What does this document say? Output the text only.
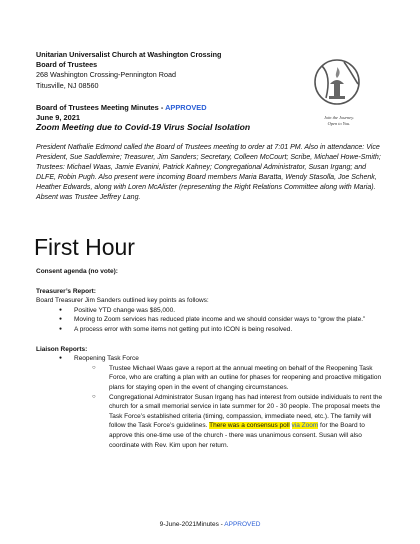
Unitarian Universalist Church at Washington Crossing
Board of Trustees
268 Washington Crossing-Pennington Road
Titusville, NJ 08560
Join the Journey.
Open to You.
Board of Trustees Meeting Minutes - APPROVED
June 9, 2021
Zoom Meeting due to Covid-19 Virus Social Isolation
President Nathalie Edmond called the Board of Trustees meeting to order at 7:01 PM. Also in attendance: Vice President, Sue Saddlemire; Treasurer, Jim Sanders; Secretary, Colleen McCourt; Scribe, Michael Howe-Smith; Trustees: Michael Waas, Jamie Evanini, Patrick Kahney; Congregational Administrator, Susan Irgang; and DLFE, Robin Pugh. Also present were incoming Board members Maria Baratta, Wendy Stasolla, Joe Schenk, Heather Edwards, along with Loren McAlister (representing the Right Relations Committee along with Maria). Absent was Trustee Jeffrey Lang.
First Hour
Consent agenda (no vote):
Treasurer’s Report:
Board Treasurer Jim Sanders outlined key points as follows:
● Positive YTD change was $85,000.
● Moving to Zoom services has reduced plate income and we should consider ways to “grow the plate.”
● A process error with some items not getting put into ICON is being resolved.
Liaison Reports:
● Reopening Task Force
○ Trustee Michael Waas gave a report at the annual meeting on behalf of the Reopening Task Force, who are crafting a plan with an outline for phases for reopening and proactive mitigation plans for staying open in the event of changing circumstances.
○ Congregational Administrator Susan Irgang has had interest from outside individuals to rent the church for a small memorial service in late summer for 20 - 30 people. The proposal meets the Task Force’s established criteria (timing, compassion, immediate need, etc.). The family will follow the Task Force’s guidelines. There was a consensus poll via Zoom for the Board to approve this one-time use of the church - there was unanimous consent. Susan will also coordinate with Rev. Kim upon her return.
9-June-2021Minutes - APPROVED
